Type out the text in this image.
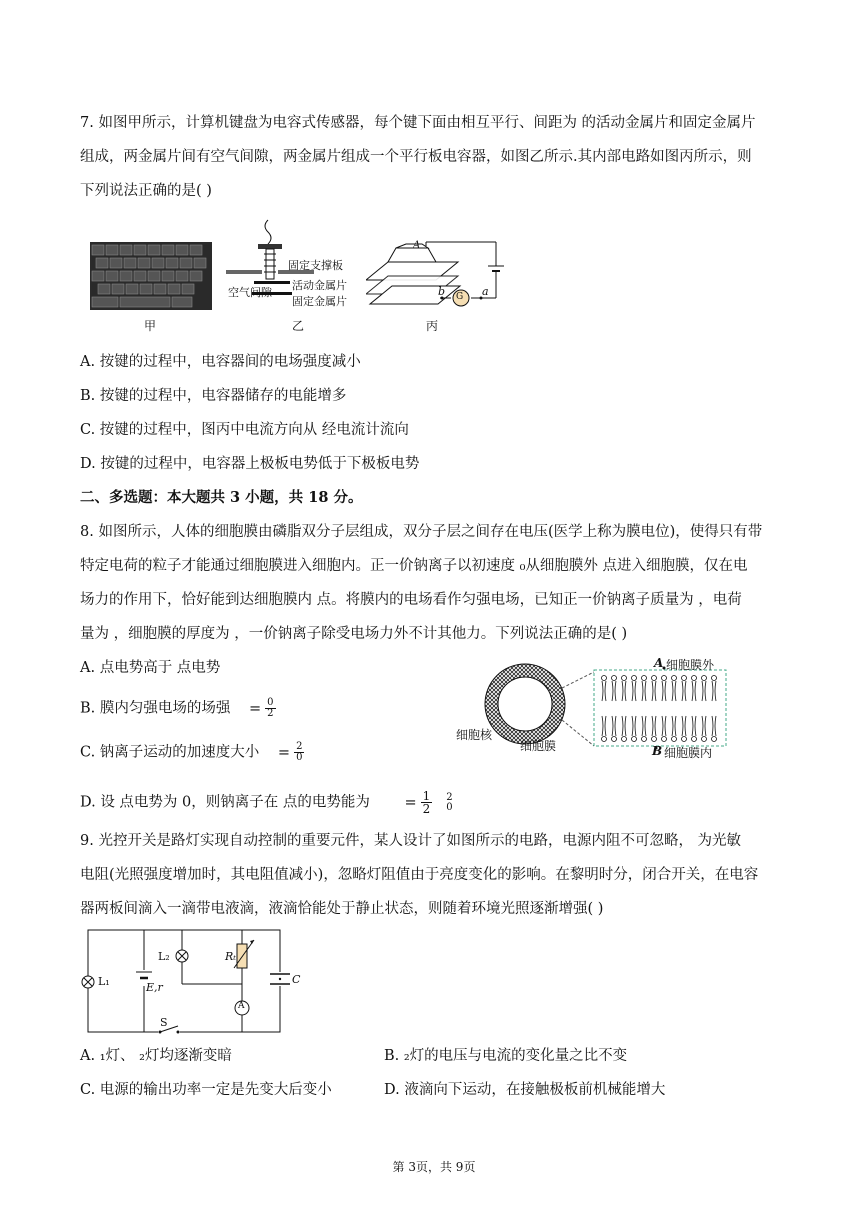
7. 如图甲所示，计算机键盘为电容式传感器，每个键下面由相互平行、间距为 的活动金属片和固定金属片
组成，两金属片间有空气间隙，两金属片组成一个平行板电容器，如图乙所示.其内部电路如图丙所示，则
下列说法正确的是( )
甲
固定支撑板
空气间隙
活动金属片
固定金属片
乙
G
A
b	a
丙
A. 按键的过程中，电容器间的电场强度减小
B. 按键的过程中，电容器储存的电能增多
C. 按键的过程中，图丙中电流方向从 经电流计流向
D. 按键的过程中，电容器上极板电势低于下极板电势
二、多选题：本大题共 3 小题，共 18 分。
8. 如图所示，人体的细胞膜由磷脂双分子层组成，双分子层之间存在电压(医学上称为膜电位)，使得只有带
特定电荷的粒子才能通过细胞膜进入细胞内。正一价钠离子以初速度 ₀从细胞膜外 点进入细胞膜，仅在电
场力的作用下，恰好能到达细胞膜内 点。将膜内的电场看作匀强电场，已知正一价钠离子质量为 ，电荷
量为 ，细胞膜的厚度为 ，一价钠离子除受电场力外不计其他力。下列说法正确的是( )
A. 点电势高于 点电势
B. 膜内匀强电场的场强 = $\frac{0}{2}$
C. 钠离子运动的加速度大小 = $\frac{2}{0}$
D. 设 点电势为 0，则钠离子在 点的电势能为 = $\frac{1}{2} 2$
0
细胞核
细胞膜
A 细胞膜外
B 细胞膜内
9. 光控开关是路灯实现自动控制的重要元件，某人设计了如图所示的电路，电源内阻不可忽略， 为光敏
电阻(光照强度增加时，其电阻值减小)，忽略灯阻值由于亮度变化的影响。在黎明时分，闭合开关，在电容
器两板间滴入一滴带电液滴，液滴恰能处于静止状态，则随着环境光照逐渐增强( )
L₁
L₂	Rₜ
C
E,r
S
A
A. ₁灯、 ₂灯均逐渐变暗	B. ₂灯的电压与电流的变化量之比不变
C. 电源的输出功率一定是先变大后变小	D. 液滴向下运动，在接触极板前机械能增大
第 3页，共 9页
